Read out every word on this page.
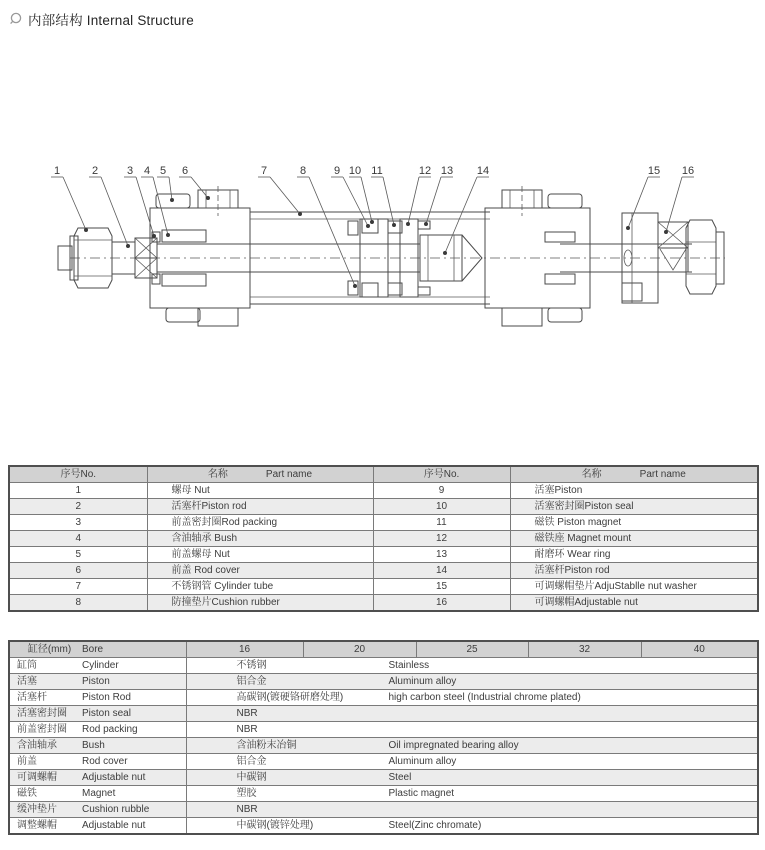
内部结构 Internal Structure
1	2	3 4 5 6	7	8	9 10 11	12 13 14	15 16
序号No.	名称 Part name	序号No.	名称 Part name

1	螺母 Nut	9	活塞Piston
2	活塞杆Piston rod	10	活塞密封圈Piston seal
3	前盖密封圈Rod packing	11	磁铁 Piston magnet
4	含油轴承 Bush	12	磁铁座 Magnet mount
5	前盖螺母 Nut	13	耐磨环 Wear ring
6	前盖 Rod cover	14	活塞杆Piston rod
7	不锈钢管 Cylinder tube	15	可调螺帽垫片AdjuStablle nut washer
8	防撞垫片Cushion rubber	16	可调螺帽Adjustable nut
缸径(mm) Bore	16	20	25	32	40

缸筒 Cylinder	不锈钢 Stainless				

活塞 Piston	铝合金 Aluminum alloy				

活塞杆 Piston Rod	高碳钢(镀硬铬研磨处理) high carbon steel (Industrial chrome plated)				

活塞密封圈 Piston seal	NBR				

前盖密封圈 Rod packing	NBR				

含油轴承 Bush	含油粉末冶铜 Oil impregnated bearing alloy				

前盖 Rod cover	铝合金 Aluminum alloy				

可调螺帽 Adjustable nut	中碳钢 Steel				

磁铁 Magnet	塑胶 Plastic magnet				

缓冲垫片 Cushion rubble	NBR				

调整螺帽 Adjustable nut	中碳钢(镀锌处理) Steel(Zinc chromate)				
